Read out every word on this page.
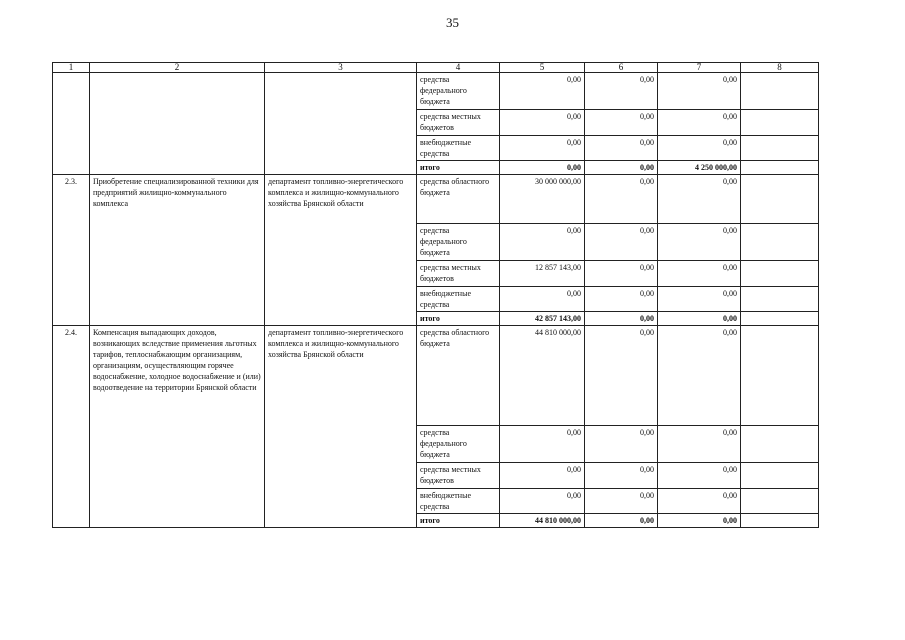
35
1	2	3	4	5	6	7	8
			средства федерального бюджета	0,00	0,00	0,00	
			средства местных бюджетов	0,00	0,00	0,00	
			внебюджетные средства	0,00	0,00	0,00	
			итого	0,00	0,00	4 250 000,00	
2.3.	Приобретение специализированной техники для предприятий жилищно-коммунального комплекса	департамент топливно-энергетического комплекса и жилищно-коммунального хозяйства Брянской области	средства областного бюджета	30 000 000,00	0,00	0,00	
			средства федерального бюджета	0,00	0,00	0,00	
			средства местных бюджетов	12 857 143,00	0,00	0,00	
			внебюджетные средства	0,00	0,00	0,00	
			итого	42 857 143,00	0,00	0,00	
2.4.	Компенсация выпадающих доходов, возникающих вследствие применения льготных тарифов, теплоснабжающим организациям, организациям, осуществляющим горячее водоснабжение, холодное водоснабжение и (или) водоотведение на территории Брянской области	департамент топливно-энергетического комплекса и жилищно-коммунального хозяйства Брянской области	средства областного бюджета	44 810 000,00	0,00	0,00	
			средства федерального бюджета	0,00	0,00	0,00	
			средства местных бюджетов	0,00	0,00	0,00	
			внебюджетные средства	0,00	0,00	0,00	
			итого	44 810 000,00	0,00	0,00	
